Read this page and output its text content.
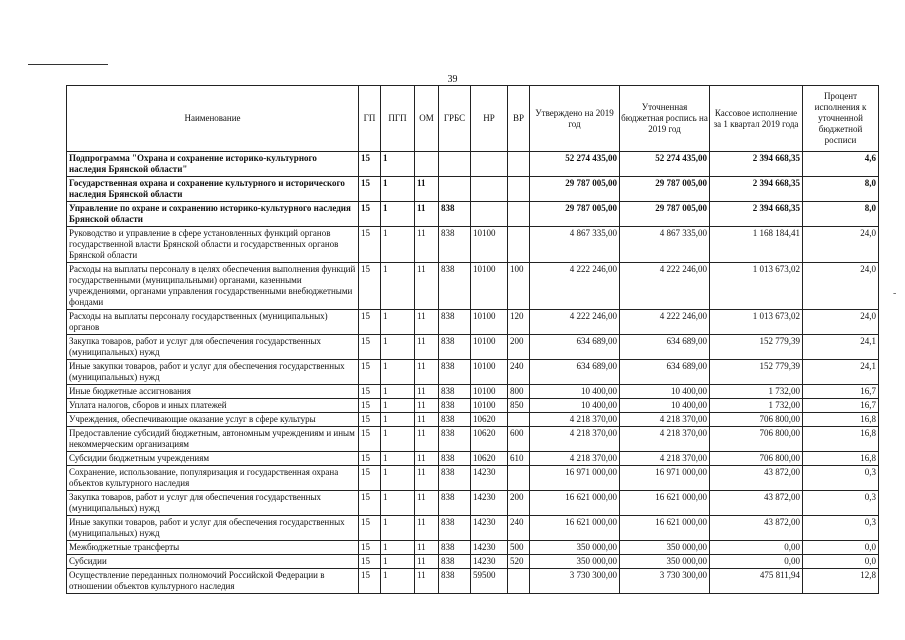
39
-
Наименование	ГП	ПГП	ОМ	ГРБС	НР	ВР	Утверждено на 2019 год	Уточненная бюджетная роспись на 2019 год	Кассовое исполнение за 1 квартал 2019 года	Процент исполнения к уточненной бюджетной росписи
Подпрограмма "Охрана и сохранение историко-культурного наследия Брянской области"	15	1					52 274 435,00	52 274 435,00	2 394 668,35	4,6
Государственная охрана и сохранение культурного и исторического наследия Брянской области	15	1	11				29 787 005,00	29 787 005,00	2 394 668,35	8,0
Управление по охране и сохранению историко-культурного наследия Брянской области	15	1	11	838			29 787 005,00	29 787 005,00	2 394 668,35	8,0
Руководство и управление в сфере установленных функций органов государственной власти Брянской области и государственных органов Брянской области	15	1	11	838	10100		4 867 335,00	4 867 335,00	1 168 184,41	24,0
Расходы на выплаты персоналу в целях обеспечения выполнения функций государственными (муниципальными) органами, казенными учреждениями, органами управления государственными внебюджетными фондами	15	1	11	838	10100	100	4 222 246,00	4 222 246,00	1 013 673,02	24,0
Расходы на выплаты персоналу государственных (муниципальных) органов	15	1	11	838	10100	120	4 222 246,00	4 222 246,00	1 013 673,02	24,0
Закупка товаров, работ и услуг для обеспечения государственных (муниципальных) нужд	15	1	11	838	10100	200	634 689,00	634 689,00	152 779,39	24,1
Иные закупки товаров, работ и услуг для обеспечения государственных (муниципальных) нужд	15	1	11	838	10100	240	634 689,00	634 689,00	152 779,39	24,1
Иные бюджетные ассигнования	15	1	11	838	10100	800	10 400,00	10 400,00	1 732,00	16,7
Уплата налогов, сборов и иных платежей	15	1	11	838	10100	850	10 400,00	10 400,00	1 732,00	16,7
Учреждения, обеспечивающие оказание услуг в сфере культуры	15	1	11	838	10620		4 218 370,00	4 218 370,00	706 800,00	16,8
Предоставление субсидий бюджетным, автономным учреждениям и иным некоммерческим организациям	15	1	11	838	10620	600	4 218 370,00	4 218 370,00	706 800,00	16,8
Субсидии бюджетным учреждениям	15	1	11	838	10620	610	4 218 370,00	4 218 370,00	706 800,00	16,8
Сохранение, использование, популяризация и государственная охрана объектов культурного наследия	15	1	11	838	14230		16 971 000,00	16 971 000,00	43 872,00	0,3
Закупка товаров, работ и услуг для обеспечения государственных (муниципальных) нужд	15	1	11	838	14230	200	16 621 000,00	16 621 000,00	43 872,00	0,3
Иные закупки товаров, работ и услуг для обеспечения государственных (муниципальных) нужд	15	1	11	838	14230	240	16 621 000,00	16 621 000,00	43 872,00	0,3
Межбюджетные трансферты	15	1	11	838	14230	500	350 000,00	350 000,00	0,00	0,0
Субсидии	15	1	11	838	14230	520	350 000,00	350 000,00	0,00	0,0
Осуществление переданных полномочий Российской Федерации в отношении объектов культурного наследия	15	1	11	838	59500		3 730 300,00	3 730 300,00	475 811,94	12,8
